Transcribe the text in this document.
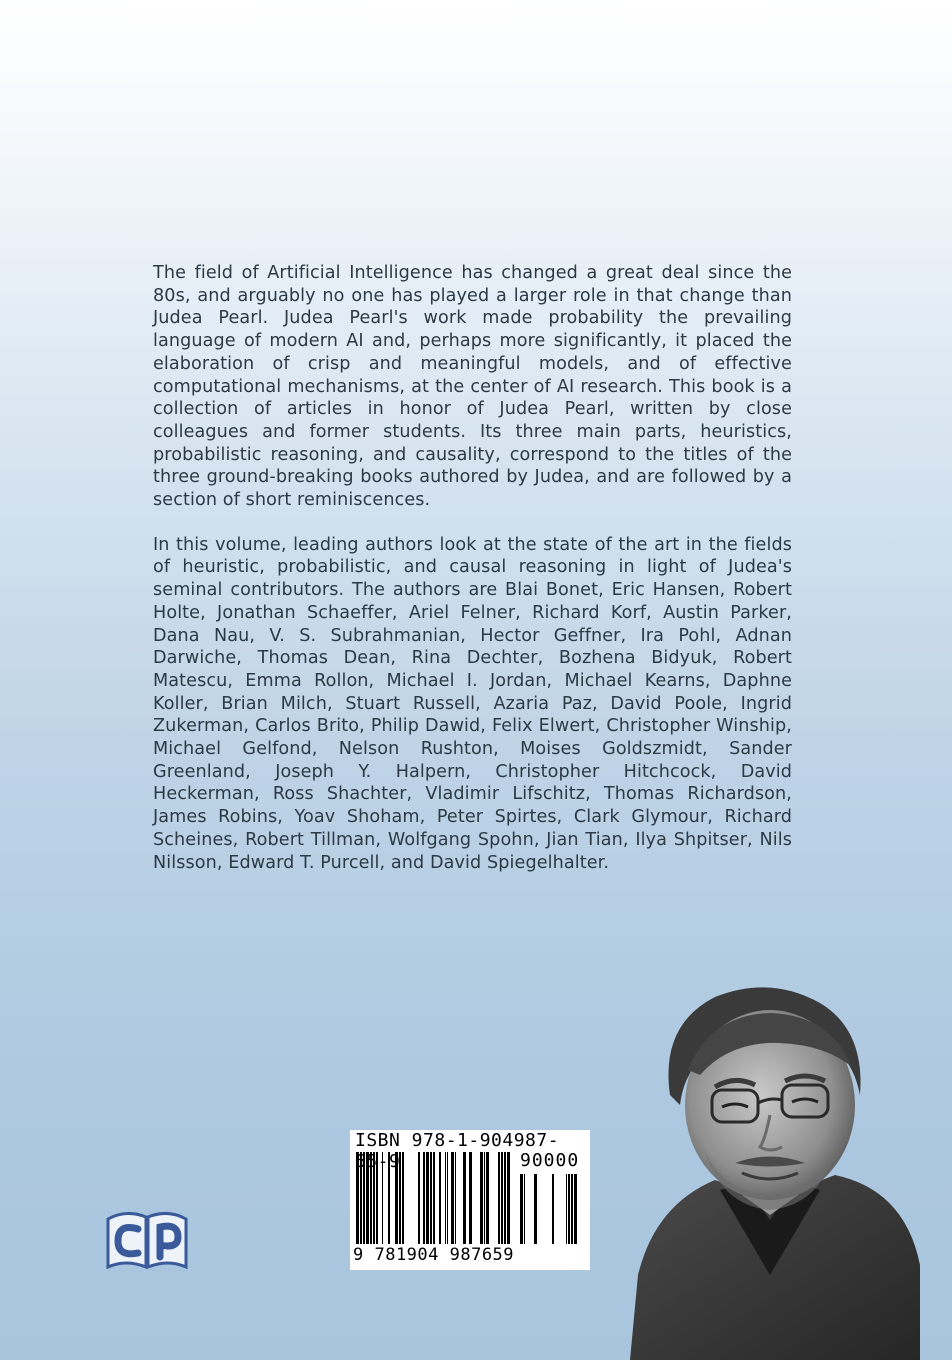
The field of Artificial Intelligence has changed a great deal since the 80s, and arguably no one has played a larger role in that change than Judea Pearl. Judea Pearl's work made probability the prevailing language of modern AI and, perhaps more significantly, it placed the elaboration of crisp and meaningful models, and of effective computational mechanisms, at the center of AI research. This book is a collection of articles in honor of Judea Pearl, written by close colleagues and former students. Its three main parts, heuristics, probabilistic reasoning, and causality, correspond to the titles of the three ground-breaking books authored by Judea, and are followed by a section of short reminiscences.

In this volume, leading authors look at the state of the art in the fields of heuristic, probabilistic, and causal reasoning in light of Judea's seminal contributors. The authors are Blai Bonet, Eric Hansen, Robert Holte, Jonathan Schaeffer, Ariel Felner, Richard Korf, Austin Parker, Dana Nau, V. S. Subrahmanian, Hector Geffner, Ira Pohl, Adnan Darwiche, Thomas Dean, Rina Dechter, Bozhena Bidyuk, Robert Matescu, Emma Rollon, Michael I. Jordan, Michael Kearns, Daphne Koller, Brian Milch, Stuart Russell, Azaria Paz, David Poole, Ingrid Zukerman, Carlos Brito, Philip Dawid, Felix Elwert, Christopher Winship, Michael Gelfond, Nelson Rushton, Moises Goldszmidt, Sander Greenland, Joseph Y. Halpern, Christopher Hitchcock, David Heckerman, Ross Shachter, Vladimir Lifschitz, Thomas Richardson, James Robins, Yoav Shoham, Peter Spirtes, Clark Glymour, Richard Scheines, Robert Tillman, Wolfgang Spohn, Jian Tian, Ilya Shpitser, Nils Nilsson, Edward T. Purcell, and David Spiegelhalter.

ISBN 978-1-904987-65-9	90000
9 781904 987659
